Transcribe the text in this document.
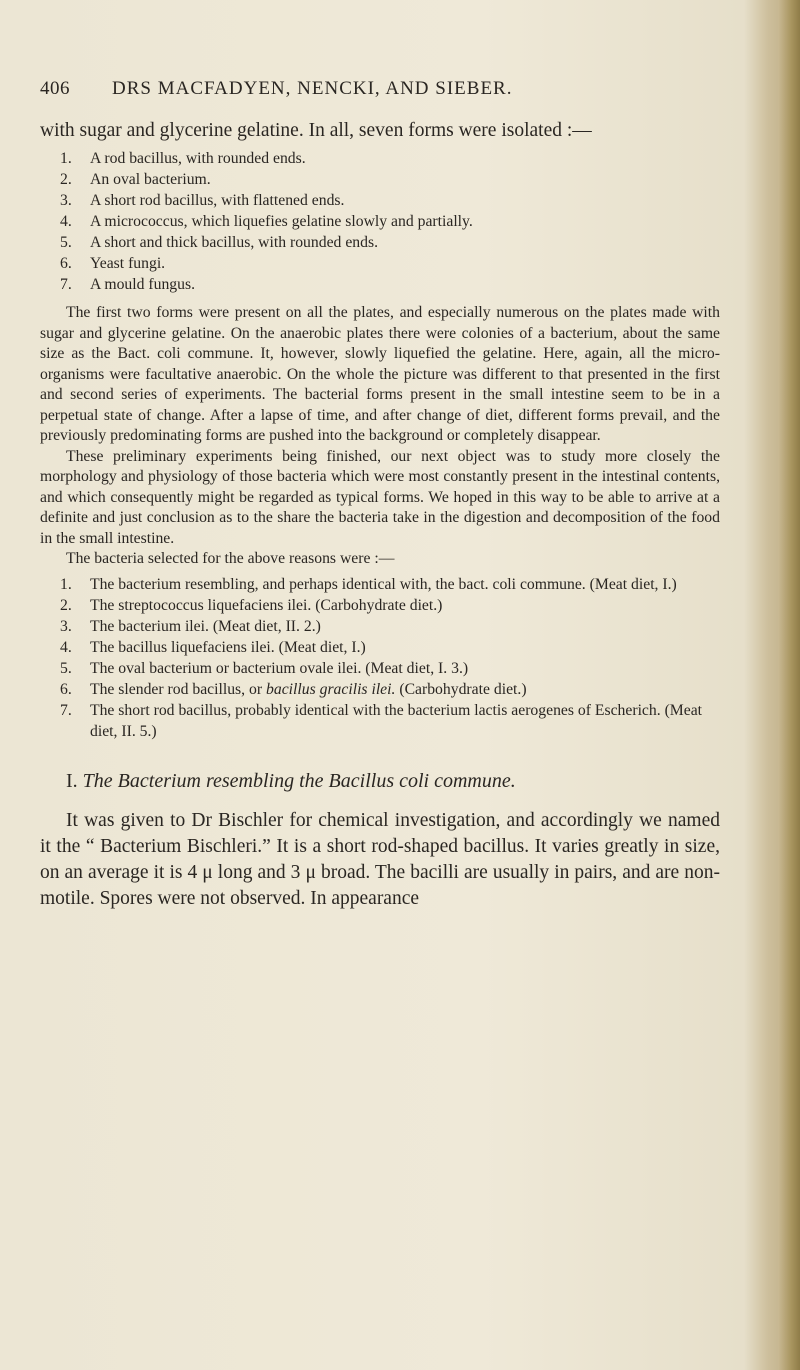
406 DRS MACFADYEN, NENCKI, AND SIEBER.

with sugar and glycerine gelatine. In all, seven forms were isolated :—

1. A rod bacillus, with rounded ends.
2. An oval bacterium.
3. A short rod bacillus, with flattened ends.
4. A micrococcus, which liquefies gelatine slowly and partially.
5. A short and thick bacillus, with rounded ends.
6. Yeast fungi.
7. A mould fungus.

The first two forms were present on all the plates, and especially numerous on the plates made with sugar and glycerine gelatine. On the anaerobic plates there were colonies of a bacterium, about the same size as the Bact. coli commune. It, however, slowly liquefied the gelatine. Here, again, all the micro-organisms were facultative anaerobic. On the whole the picture was different to that presented in the first and second series of experiments. The bacterial forms present in the small intestine seem to be in a perpetual state of change. After a lapse of time, and after change of diet, different forms prevail, and the previously predominating forms are pushed into the background or completely disappear.

These preliminary experiments being finished, our next object was to study more closely the morphology and physiology of those bacteria which were most constantly present in the intestinal contents, and which consequently might be regarded as typical forms. We hoped in this way to be able to arrive at a definite and just conclusion as to the share the bacteria take in the digestion and decomposition of the food in the small intestine.

The bacteria selected for the above reasons were :—

1. The bacterium resembling, and perhaps identical with, the bact. coli commune. (Meat diet, I.)
2. The streptococcus liquefaciens ilei. (Carbohydrate diet.)
3. The bacterium ilei. (Meat diet, II. 2.)
4. The bacillus liquefaciens ilei. (Meat diet, I.)
5. The oval bacterium or bacterium ovale ilei. (Meat diet, I. 3.)
6. The slender rod bacillus, or bacillus gracilis ilei. (Carbohydrate diet.)
7. The short rod bacillus, probably identical with the bacterium lactis aerogenes of Escherich. (Meat diet, II. 5.)
I. The Bacterium resembling the Bacillus coli commune.

It was given to Dr Bischler for chemical investigation, and accordingly we named it the “ Bacterium Bischleri.” It is a short rod-shaped bacillus. It varies greatly in size, on an average it is 4 μ long and 3 μ broad. The bacilli are usually in pairs, and are non-motile. Spores were not observed. In appearance
